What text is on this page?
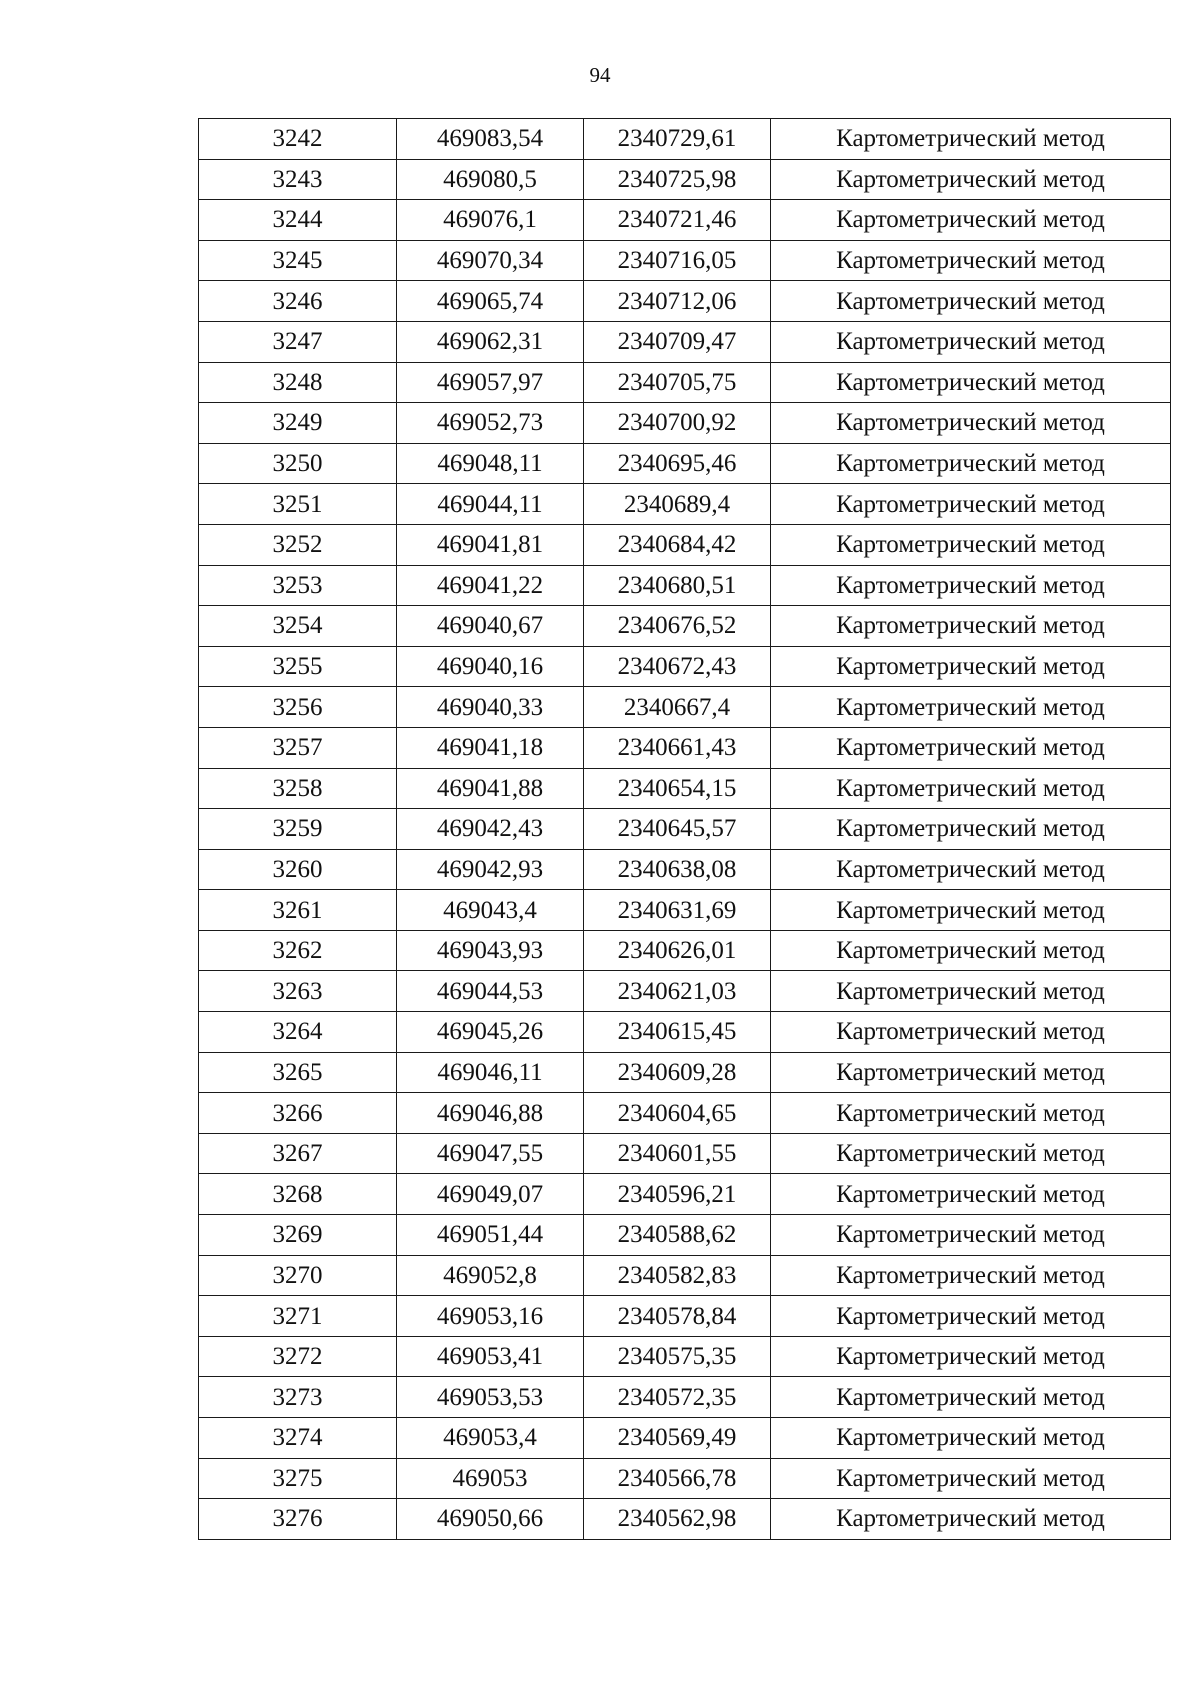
94
3242	469083,54	2340729,61	Картометрический метод
3243	469080,5	2340725,98	Картометрический метод
3244	469076,1	2340721,46	Картометрический метод
3245	469070,34	2340716,05	Картометрический метод
3246	469065,74	2340712,06	Картометрический метод
3247	469062,31	2340709,47	Картометрический метод
3248	469057,97	2340705,75	Картометрический метод
3249	469052,73	2340700,92	Картометрический метод
3250	469048,11	2340695,46	Картометрический метод
3251	469044,11	2340689,4	Картометрический метод
3252	469041,81	2340684,42	Картометрический метод
3253	469041,22	2340680,51	Картометрический метод
3254	469040,67	2340676,52	Картометрический метод
3255	469040,16	2340672,43	Картометрический метод
3256	469040,33	2340667,4	Картометрический метод
3257	469041,18	2340661,43	Картометрический метод
3258	469041,88	2340654,15	Картометрический метод
3259	469042,43	2340645,57	Картометрический метод
3260	469042,93	2340638,08	Картометрический метод
3261	469043,4	2340631,69	Картометрический метод
3262	469043,93	2340626,01	Картометрический метод
3263	469044,53	2340621,03	Картометрический метод
3264	469045,26	2340615,45	Картометрический метод
3265	469046,11	2340609,28	Картометрический метод
3266	469046,88	2340604,65	Картометрический метод
3267	469047,55	2340601,55	Картометрический метод
3268	469049,07	2340596,21	Картометрический метод
3269	469051,44	2340588,62	Картометрический метод
3270	469052,8	2340582,83	Картометрический метод
3271	469053,16	2340578,84	Картометрический метод
3272	469053,41	2340575,35	Картометрический метод
3273	469053,53	2340572,35	Картометрический метод
3274	469053,4	2340569,49	Картометрический метод
3275	469053	2340566,78	Картометрический метод
3276	469050,66	2340562,98	Картометрический метод
